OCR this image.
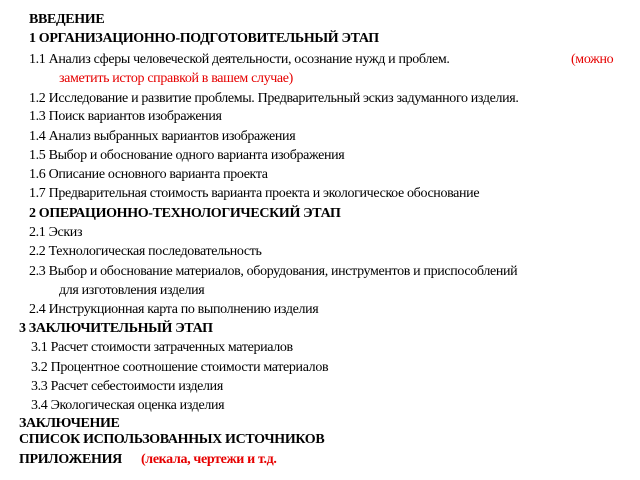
ВВЕДЕНИЕ
1 ОРГАНИЗАЦИОННО-ПОДГОТОВИТЕЛЬНЫЙ ЭТАП
1.1 Анализ сферы человеческой деятельности, осознание нужд и проблем.	(можно
заметить истор справкой в вашем случае)
1.2 Исследование и развитие проблемы. Предварительный эскиз задуманного изделия.
1.3 Поиск вариантов изображения
1.4 Анализ выбранных вариантов изображения
1.5 Выбор и обоснование одного варианта изображения
1.6 Описание основного варианта проекта
1.7 Предварительная стоимость варианта проекта и экологическое обоснование
2 ОПЕРАЦИОННО-ТЕХНОЛОГИЧЕСКИЙ ЭТАП
2.1 Эскиз
2.2 Технологическая последовательность
2.3 Выбор и обоснование материалов, оборудования, инструментов и приспособлений
для изготовления изделия
2.4 Инструкционная карта по выполнению изделия
3 ЗАКЛЮЧИТЕЛЬНЫЙ ЭТАП
3.1 Расчет стоимости затраченных материалов
3.2 Процентное соотношение стоимости материалов
3.3 Расчет себестоимости изделия
3.4 Экологическая оценка изделия
ЗАКЛЮЧЕНИЕ
СПИСОК ИСПОЛЬЗОВАННЫХ ИСТОЧНИКОВ
ПРИЛОЖЕНИЯ (лекала, чертежи и т.д.
